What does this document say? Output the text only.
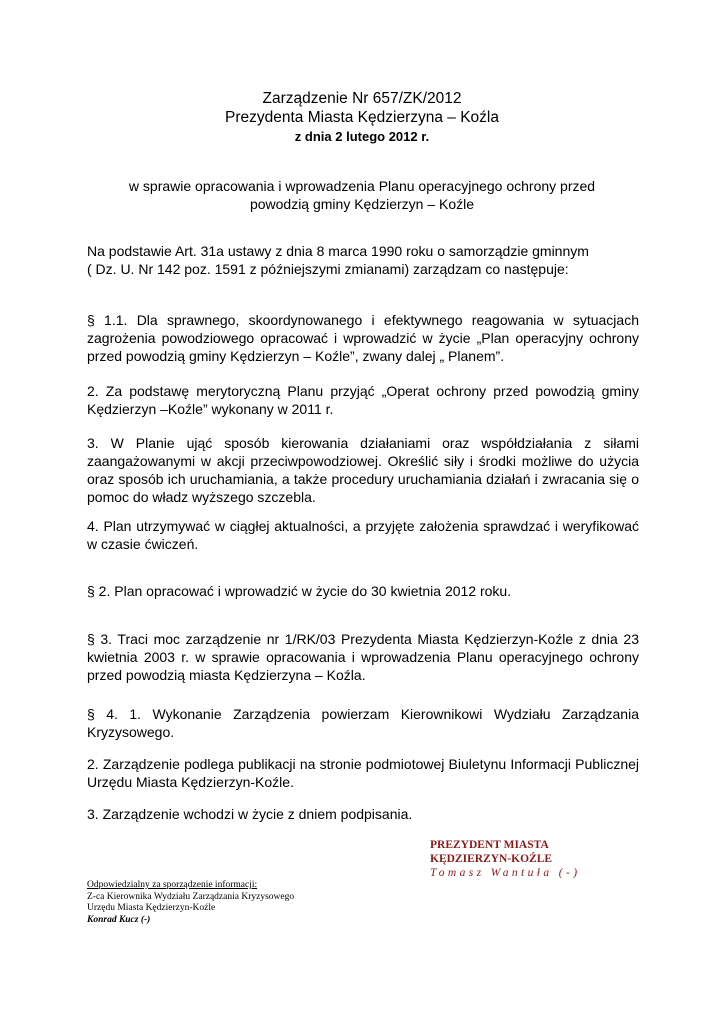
Zarządzenie Nr 657/ZK/2012
Prezydenta Miasta Kędzierzyna – Koźla
z dnia 2 lutego 2012 r.
w sprawie opracowania i wprowadzenia Planu operacyjnego ochrony przed
powodzią gminy Kędzierzyn – Koźle
Na podstawie Art. 31a ustawy z dnia 8 marca 1990 roku o samorządzie gminnym
( Dz. U. Nr 142 poz. 1591 z późniejszymi zmianami) zarządzam co następuje:
§ 1.1. Dla sprawnego, skoordynowanego i efektywnego reagowania w sytuacjach zagrożenia powodziowego opracować i wprowadzić w życie „Plan operacyjny ochrony przed powodzią gminy Kędzierzyn – Koźle”, zwany dalej „ Planem”.
2. Za podstawę merytoryczną Planu przyjąć „Operat ochrony przed powodzią gminy Kędzierzyn –Koźle” wykonany w 2011 r.
3. W Planie ująć sposób kierowania działaniami oraz współdziałania z siłami zaangażowanymi w akcji przeciwpowodziowej. Określić siły i środki możliwe do użycia oraz sposób ich uruchamiania, a także procedury uruchamiania działań i zwracania się o pomoc do władz wyższego szczebla.
4. Plan utrzymywać w ciągłej aktualności, a przyjęte założenia sprawdzać i weryfikować w czasie ćwiczeń.
§ 2. Plan opracować i wprowadzić w życie do 30 kwietnia 2012 roku.
§ 3. Traci moc zarządzenie nr 1/RK/03 Prezydenta Miasta Kędzierzyn-Koźle z dnia 23 kwietnia 2003 r. w sprawie opracowania i wprowadzenia Planu operacyjnego ochrony przed powodzią miasta Kędzierzyna – Koźla.
§ 4. 1. Wykonanie Zarządzenia powierzam Kierownikowi Wydziału Zarządzania Kryzysowego.
2. Zarządzenie podlega publikacji na stronie podmiotowej Biuletynu Informacji Publicznej Urzędu Miasta Kędzierzyn-Koźle.
3. Zarządzenie wchodzi w życie z dniem podpisania.
PREZYDENT MIASTA
KĘDZIERZYN-KOŹLE
Tomasz Wantuła (-)
Odpowiedzialny za sporządzenie informacji:
Z-ca Kierownika Wydziału Zarządzania Kryzysowego
Urzędu Miasta Kędzierzyn-Koźle
Konrad Kucz (-)
